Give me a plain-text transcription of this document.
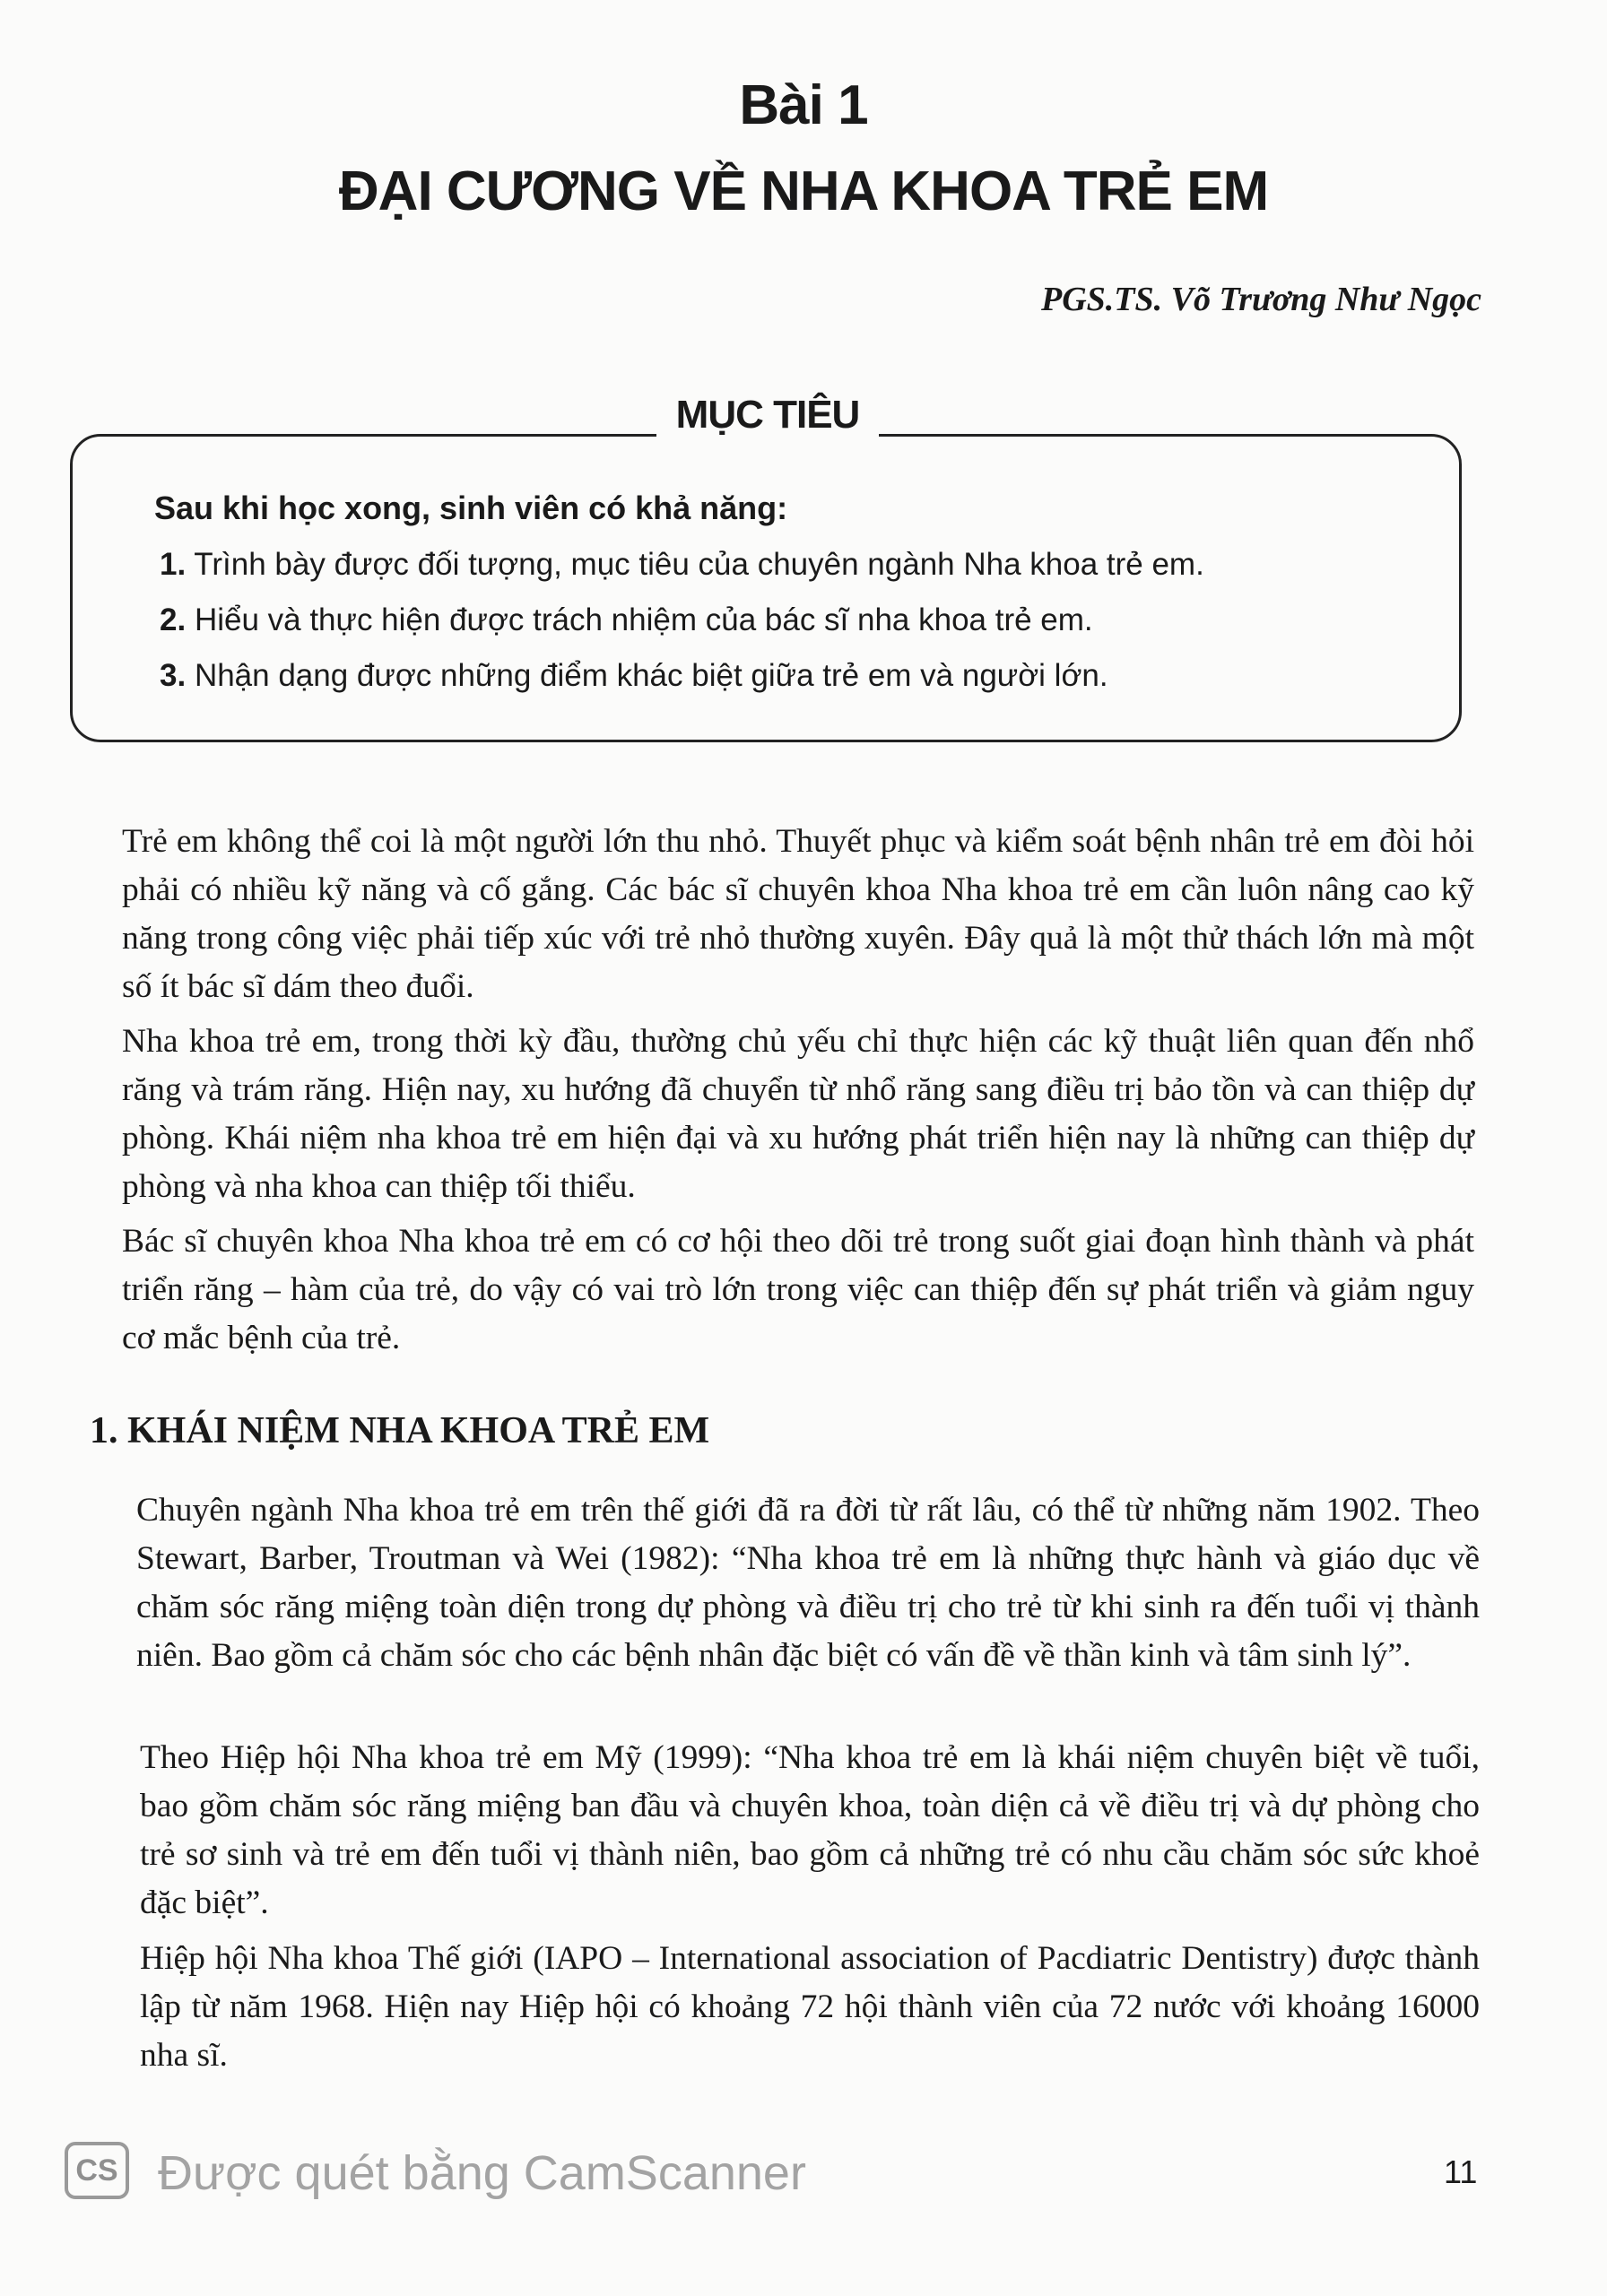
Bài 1
ĐẠI CƯƠNG VỀ NHA KHOA TRẺ EM
PGS.TS. Võ Trương Như Ngọc
MỤC TIÊU
Sau khi học xong, sinh viên có khả năng:
1. Trình bày được đối tượng, mục tiêu của chuyên ngành Nha khoa trẻ em.
2. Hiểu và thực hiện được trách nhiệm của bác sĩ nha khoa trẻ em.
3. Nhận dạng được những điểm khác biệt giữa trẻ em và người lớn.

Trẻ em không thể coi là một người lớn thu nhỏ. Thuyết phục và kiểm soát bệnh nhân trẻ em đòi hỏi phải có nhiều kỹ năng và cố gắng. Các bác sĩ chuyên khoa Nha khoa trẻ em cần luôn nâng cao kỹ năng trong công việc phải tiếp xúc với trẻ nhỏ thường xuyên. Đây quả là một thử thách lớn mà một số ít bác sĩ dám theo đuổi.

Nha khoa trẻ em, trong thời kỳ đầu, thường chủ yếu chỉ thực hiện các kỹ thuật liên quan đến nhổ răng và trám răng. Hiện nay, xu hướng đã chuyển từ nhổ răng sang điều trị bảo tồn và can thiệp dự phòng. Khái niệm nha khoa trẻ em hiện đại và xu hướng phát triển hiện nay là những can thiệp dự phòng và nha khoa can thiệp tối thiểu.

Bác sĩ chuyên khoa Nha khoa trẻ em có cơ hội theo dõi trẻ trong suốt giai đoạn hình thành và phát triển răng – hàm của trẻ, do vậy có vai trò lớn trong việc can thiệp đến sự phát triển và giảm nguy cơ mắc bệnh của trẻ.

1. KHÁI NIỆM NHA KHOA TRẺ EM

Chuyên ngành Nha khoa trẻ em trên thế giới đã ra đời từ rất lâu, có thể từ những năm 1902. Theo Stewart, Barber, Troutman và Wei (1982): “Nha khoa trẻ em là những thực hành và giáo dục về chăm sóc răng miệng toàn diện trong dự phòng và điều trị cho trẻ từ khi sinh ra đến tuổi vị thành niên. Bao gồm cả chăm sóc cho các bệnh nhân đặc biệt có vấn đề về thần kinh và tâm sinh lý”.

Theo Hiệp hội Nha khoa trẻ em Mỹ (1999): “Nha khoa trẻ em là khái niệm chuyên biệt về tuổi, bao gồm chăm sóc răng miệng ban đầu và chuyên khoa, toàn diện cả về điều trị và dự phòng cho trẻ sơ sinh và trẻ em đến tuổi vị thành niên, bao gồm cả những trẻ có nhu cầu chăm sóc sức khoẻ đặc biệt”.

Hiệp hội Nha khoa Thế giới (IAPO – International association of Pacdiatric Dentistry) được thành lập từ năm 1968. Hiện nay Hiệp hội có khoảng 72 hội thành viên của 72 nước với khoảng 16000 nha sĩ.

11
CS Được quét bằng CamScanner
